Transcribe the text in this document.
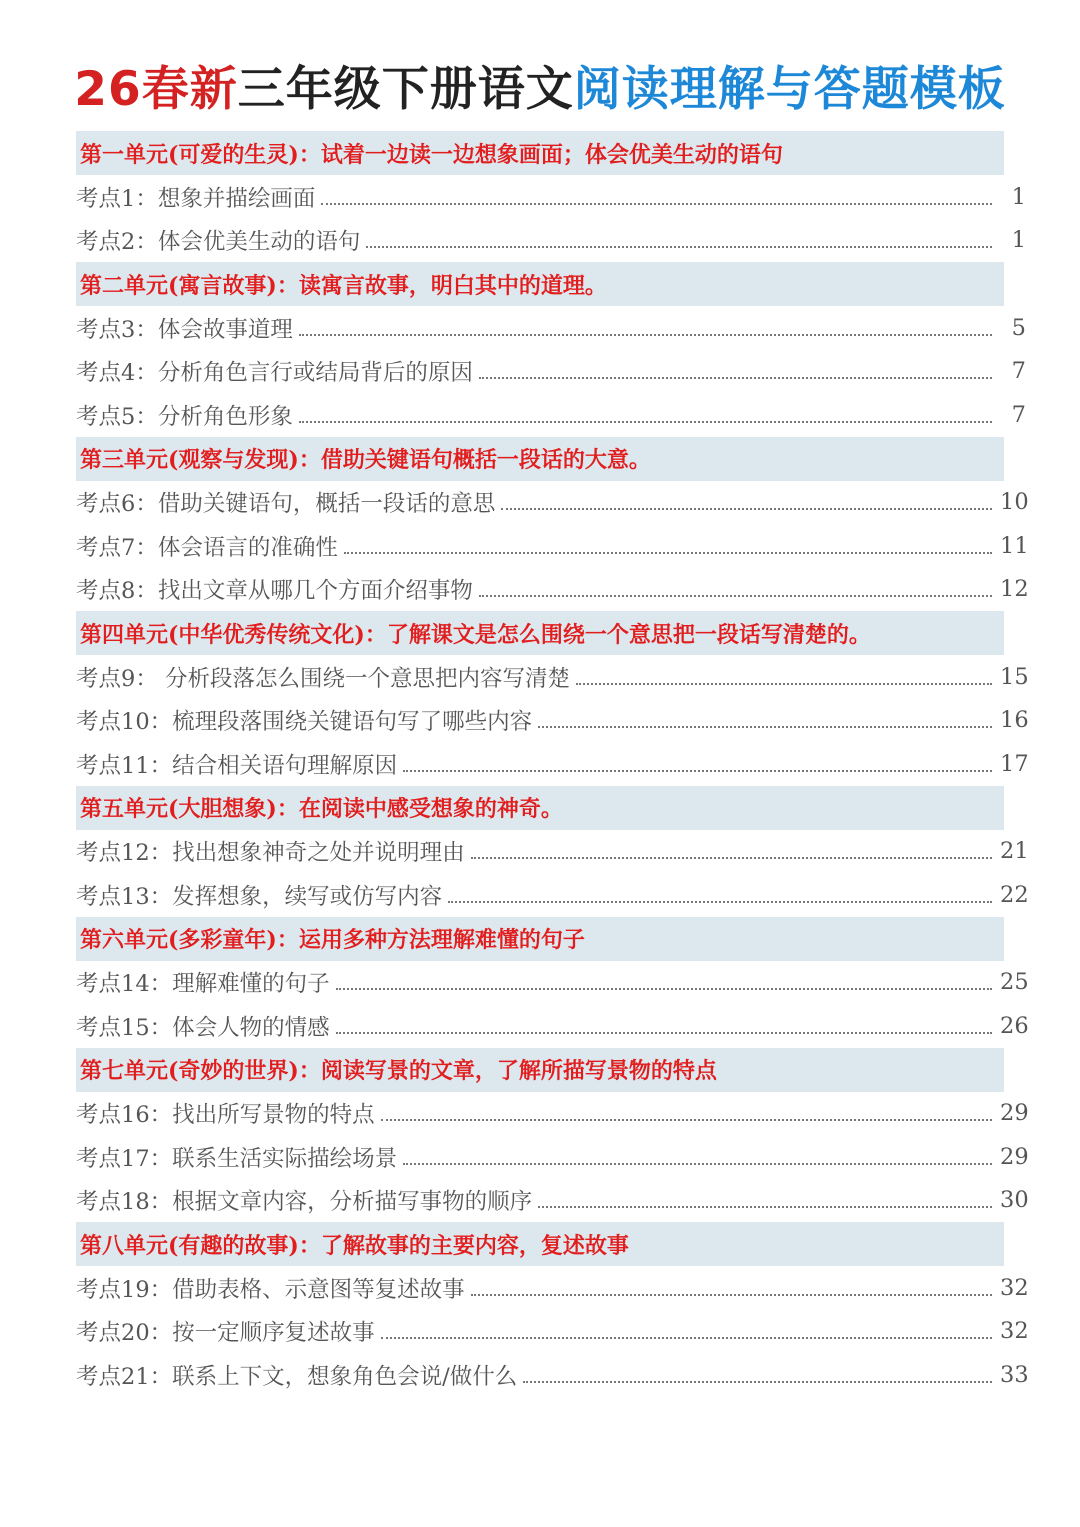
26春新三年级下册语文阅读理解与答题模板
第一单元(可爱的生灵)：试着一边读一边想象画面；体会优美生动的语句
考点1：想象并描绘画面	1
考点2：体会优美生动的语句	1
第二单元(寓言故事)：读寓言故事，明白其中的道理。
考点3：体会故事道理	5
考点4：分析角色言行或结局背后的原因	7
考点5：分析角色形象	7
第三单元(观察与发现)：借助关键语句概括一段话的大意。
考点6：借助关键语句，概括一段话的意思	10
考点7：体会语言的准确性	11
考点8：找出文章从哪几个方面介绍事物	12
第四单元(中华优秀传统文化)：了解课文是怎么围绕一个意思把一段话写清楚的。
考点9： 分析段落怎么围绕一个意思把内容写清楚	15
考点10：梳理段落围绕关键语句写了哪些内容	16
考点11：结合相关语句理解原因	17
第五单元(大胆想象)：在阅读中感受想象的神奇。
考点12：找出想象神奇之处并说明理由	21
考点13：发挥想象，续写或仿写内容	22
第六单元(多彩童年)：运用多种方法理解难懂的句子
考点14：理解难懂的句子	25
考点15：体会人物的情感	26
第七单元(奇妙的世界)：阅读写景的文章，了解所描写景物的特点
考点16：找出所写景物的特点	29
考点17：联系生活实际描绘场景	29
考点18：根据文章内容，分析描写事物的顺序	30
第八单元(有趣的故事)：了解故事的主要内容，复述故事
考点19：借助表格、示意图等复述故事	32
考点20：按一定顺序复述故事	32
考点21：联系上下文，想象角色会说/做什么	33
